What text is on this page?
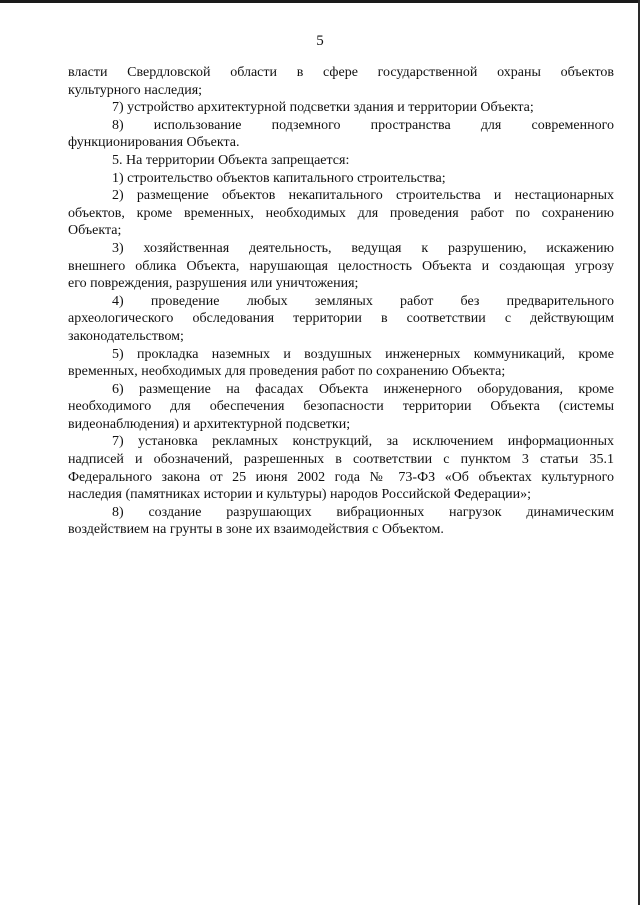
5
власти Свердловской области в сфере государственной охраны объектов
культурного наследия;
7) устройство архитектурной подсветки здания и территории Объекта;
8) использование подземного пространства для современного
функционирования Объекта.
5. На территории Объекта запрещается:
1) строительство объектов капитального строительства;
2) размещение объектов некапитального строительства и нестационарных
объектов, кроме временных, необходимых для проведения работ по сохранению
Объекта;
3) хозяйственная деятельность, ведущая к разрушению, искажению
внешнего облика Объекта, нарушающая целостность Объекта и создающая угрозу
его повреждения, разрушения или уничтожения;
4) проведение любых земляных работ без предварительного
археологического обследования территории в соответствии с действующим
законодательством;
5) прокладка наземных и воздушных инженерных коммуникаций, кроме
временных, необходимых для проведения работ по сохранению Объекта;
6) размещение на фасадах Объекта инженерного оборудования, кроме
необходимого для обеспечения безопасности территории Объекта (системы
видеонаблюдения) и архитектурной подсветки;
7) установка рекламных конструкций, за исключением информационных
надписей и обозначений, разрешенных в соответствии с пунктом 3 статьи 35.1
Федерального закона от 25 июня 2002 года № 73-ФЗ «Об объектах культурного
наследия (памятниках истории и культуры) народов Российской Федерации»;
8) создание разрушающих вибрационных нагрузок динамическим
воздействием на грунты в зоне их взаимодействия с Объектом.
